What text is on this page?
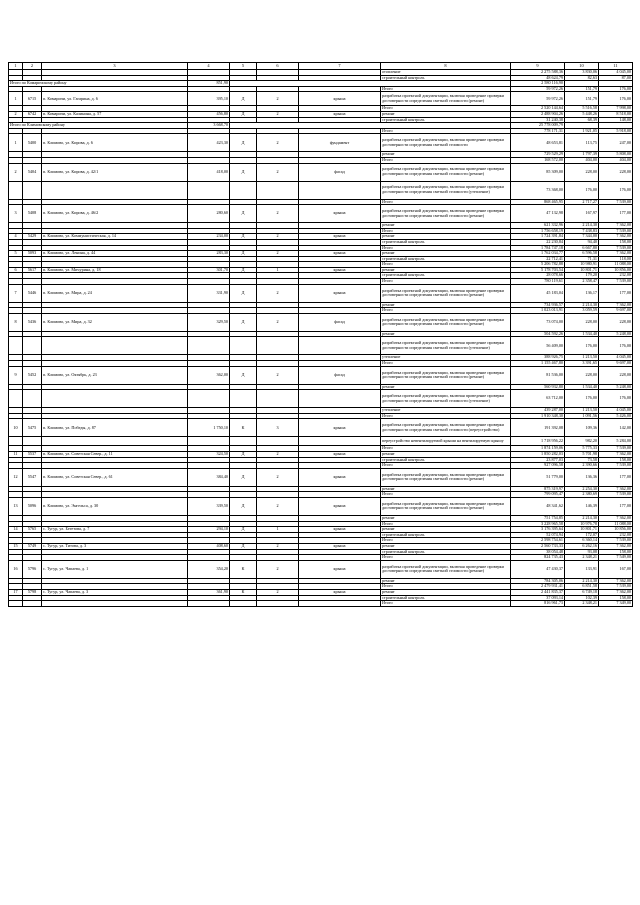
1	2	3	4	5	6	7	8	9	10	11
							отопление	2 275 588,36	3 830,06	4 045,00
							строительный контроль	48 624,79	82,63	87,00
Итого по Комаричскому району			851,90					2 580 116,90		
							Итого	59 972,26	151,79	176,00
1	6715	п. Комаричи, ул. Гагарина, д. 6	395,10	Д	2	крыша	разработка проектной документации, включая проведение проверки достоверности определения сметной стоимости (ремонт)	59 972,26	151,79	176,00
							Итого	2 520 144,64	5 516,58	7 998,00
2	6742	п. Комаричи, ул. Калинина, д. 57	456,80	Д	2	крыша	ремонт	2 488 904,26	5 448,26	8 518,00
							строительный контроль	31 240,38	68,39	148,00
Итого по Климовскому району			3 668,70					25 778 009,79		
							Итого	778 171,31	1 921,05	5 918,00
1	5400	п. Климово, ул. Кирова, д. 6	423,30	Д	2	фундамент	разработка проектной документации, включая проведение проверки достоверности определения сметной стоимости	48 653,81	113,75	247,00
							ремонт	729 529,29	1 797,39	5 808,00
							Итого	168 572,00	404,00	404,00
2	5404	п. Климово, ул. Кирова, д. 42/1	418,00	Д	2	фасад	разработка проектной документации, включая проведение проверки достоверности определения сметной стоимости (ремонт)	85 309,00	228,00	228,00
							разработка проектной документации, включая проведение проверки достоверности определения сметной стоимости (утепление)	73 368,00	176,00	176,00
							Итого	868 465,95	2 717,27	7 539,00
3	5408	п. Климово, ул. Кирова, д. 46/2	280,60	Д	2	крыша	разработка проектной документации, включая проведение проверки достоверности определения сметной стоимости (ремонт)	47 132,98	167,97	177,00
							ремонт	621 332,96	2 214,30	7 362,00
							Итого	1 756 658,19	7 438,83	7 539,00
4	5429	п. Климово, ул. Коммунистическая, д. 14	234,00	Д	2	крыша	ремонт	1 724 391,84	7 344,00	7 362,00
							строительный контроль	22 230,84	94,40	158,00
							Итого	1 784 747,18	6 667,80	7 539,00
5	5093	п. Климово, ул. Ленина, д. 44	283,30	Д	2	крыша	ремонт	1 762 034,77	6 596,58	7 362,00
							строительный контроль	22 712,41	71,31	118,00
							Итого	5 206 782,88	10 980,91	11 088,00
6	5617	п. Климово, ул. Мичурина, д. 18	301,70	Д	1	крыша	ремонт	5 178 703,54	10 801,71	10 856,00
							строительный контроль	28 078,66	179,20	232,00
							Итого	780 119,61	2 358,47	7 539,00
7	5446	п. Климово, ул. Мира, д. 24	331,90	Д	2	крыша	разработка проектной документации, включая проведение проверки достоверности определения сметной стоимости (ремонт)	45 183,04	136,17	177,00
							ремонт	734 936,57	2 214,30	7 362,00
							Итого	1 023 013,91	3 059,59	9 697,00
8	5436	п. Климово, ул. Мира, д. 32	329,50	Д	2	фасад	разработка проектной документации, включая проведение проверки достоверности определения сметной стоимости (ремонт)	73 074,00	228,00	228,00
							ремонт	504 592,26	1 534,40	5 248,00
							разработка проектной документации, включая проведение проверки достоверности определения сметной стоимости (утепление)	56 409,00	176,00	176,00
							утепление	388 926,75	1 213,50	4 045,00
							Итого	1 155 467,80	3 391,65	9 697,00
9	5452	п. Климово, ул. Октябрь, д. 23	362,00	Д	2	фасад	разработка проектной документации, включая проведение проверки достоверности определения сметной стоимости (ремонт)	81 536,00	228,00	228,00
							ремонт	560 932,80	1 534,40	5 248,00
							разработка проектной документации, включая проведение проверки достоверности определения сметной стоимости (утепление)	63 712,00	176,00	176,00
							утепление	439 287,00	1 213,50	4 045,00
							Итого	1 910 348,30	1 091,56	5 426,00
10	5475	п. Климово, ул. Победы, д. 87	1 750,10	К	3	крыша	разработка проектной документации, включая проведение проверки достоверности определения сметной стоимости (переустройство)	191 392,08	109,36	142,00
							переустройство невентилируемой крыши на вентилируемую крышу	1 718 956,22	982,20	5 284,00
							Итого	1 874 159,06	5 775,33	7 539,00
11	5537	п. Климово, ул. Советская Север., д. 11	324,50	Д	2	крыша	ремонт	1 850 282,03	5 701,98	7 362,00
							строительный контроль	23 877,03	73,58	158,00
							Итого	927 096,58	2 390,66	7 539,00
12	5547	п. Климово, ул. Советская Север., д. 61	384,40	Д	2	крыша	разработка проектной документации, включая проведение проверки достоверности определения сметной стоимости (ремонт)	51 779,00	136,36	177,00
							ремонт	875 319,97	2 254,30	7 362,00
							Итого	799 095,47	2 380,69	7 539,00
13	5096	п. Климово, ул. Энгельса, д. 30	339,50	Д	2	крыша	разработка проектной документации, включая проведение проверки достоверности определения сметной стоимости (ремонт)	48 341,62	146,39	177,00
							ремонт	751 754,85	2 214,30	7 362,00
							Итого	3 228 965,58	10 976,78	11 088,00
14	5765	с. Тугур, ул. Бегетова, д. 7	294,10	Д	1	крыша	ремонт	3 176 395,64	10 801,71	10 856,00
							строительный контроль	52 074,94	172,07	232,00
							Итого	2 598 754,61	6 360,14	7 539,00
15	5749	с. Тугур, ул. Титова, д. 3	408,60	Д	2	крыша	ремонт	2 560 733,33	6 262,16	7 362,00
							строительный контроль	38 054,48	93,08	158,00
							Итого	824 735,43	2 348,21	7 549,00
16	5796	с. Тугур, ул. Чапаева, д. 1	354,20	К	2	крыша	разработка проектной документации, включая проведение проверки достоверности определения сметной стоимости (ремонт)	47 430,37	133,91	167,00
							ремонт	784 305,06	2 214,30	7 362,00
							Итого	2 479 931,41	6 851,58	7 539,00
17	5798	с. Тугур, ул. Чапаева, д. 3	361,90	К	2	крыша	ремонт	2 441 835,37	6 749,18	7 362,00
							строительный контроль	37 093,14	102,39	158,00
							Итого	816 961,73	2 348,21	7 349,00
